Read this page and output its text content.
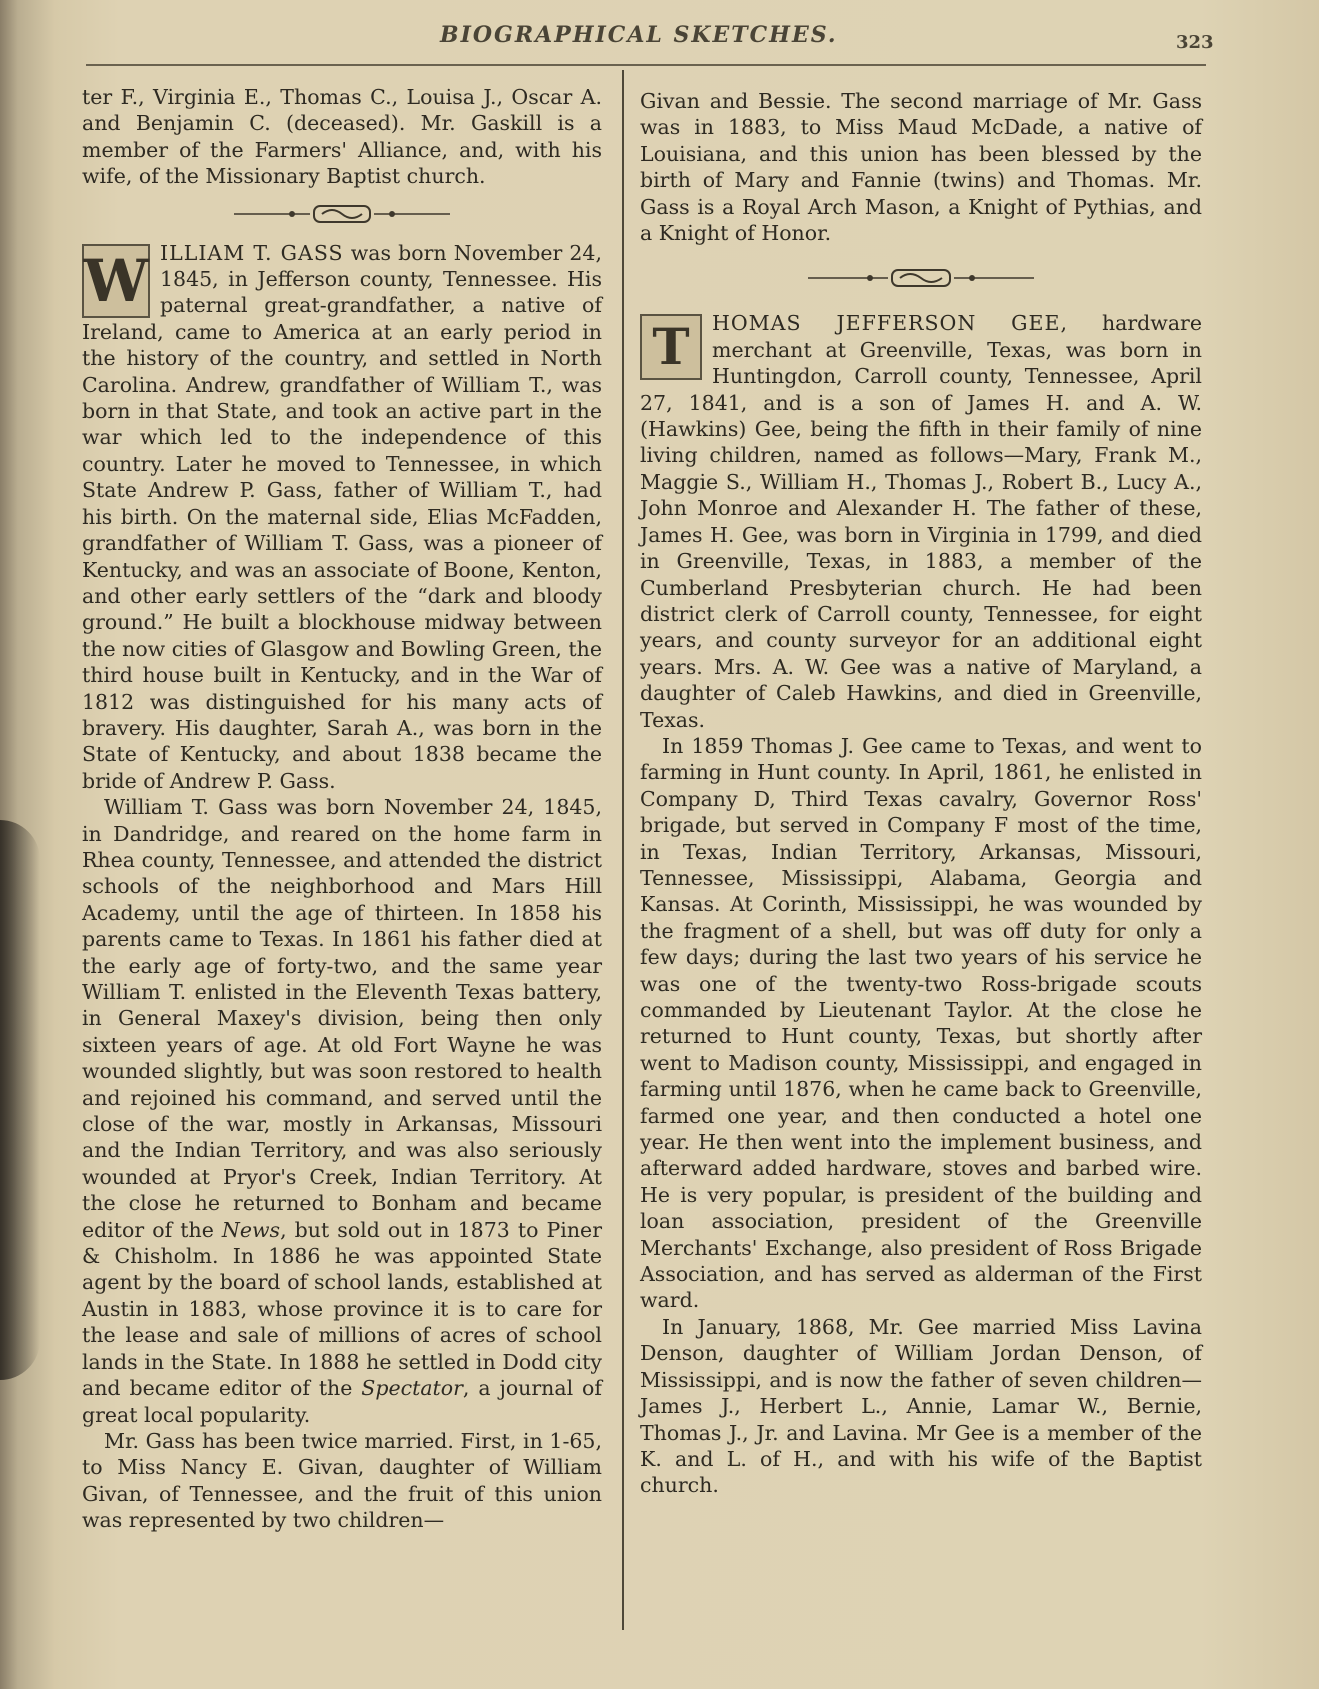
BIOGRAPHICAL SKETCHES.	323

ter F., Virginia E., Thomas C., Louisa J., Oscar A. and Benjamin C. (deceased). Mr. Gaskill is a member of the Farmers' Alliance, and, with his wife, of the Missionary Baptist church.

W ILLIAM T. GASS was born November 24, 1845, in Jefferson county, Tennessee. His paternal great-grandfather, a native of Ireland, came to America at an early period in the history of the country, and settled in North Carolina. Andrew, grandfather of William T., was born in that State, and took an active part in the war which led to the independence of this country. Later he moved to Tennessee, in which State Andrew P. Gass, father of William T., had his birth. On the maternal side, Elias McFadden, grandfather of William T. Gass, was a pioneer of Kentucky, and was an associate of Boone, Kenton, and other early settlers of the “dark and bloody ground.” He built a blockhouse midway between the now cities of Glasgow and Bowling Green, the third house built in Kentucky, and in the War of 1812 was distinguished for his many acts of bravery. His daughter, Sarah A., was born in the State of Kentucky, and about 1838 became the bride of Andrew P. Gass.

William T. Gass was born November 24, 1845, in Dandridge, and reared on the home farm in Rhea county, Tennessee, and attended the district schools of the neighborhood and Mars Hill Academy, until the age of thirteen. In 1858 his parents came to Texas. In 1861 his father died at the early age of forty-two, and the same year William T. enlisted in the Eleventh Texas battery, in General Maxey's division, being then only sixteen years of age. At old Fort Wayne he was wounded slightly, but was soon restored to health and rejoined his command, and served until the close of the war, mostly in Arkansas, Missouri and the Indian Territory, and was also seriously wounded at Pryor's Creek, Indian Territory. At the close he returned to Bonham and became editor of the News, but sold out in 1873 to Piner & Chisholm. In 1886 he was appointed State agent by the board of school lands, established at Austin in 1883, whose province it is to care for the lease and sale of millions of acres of school lands in the State. In 1888 he settled in Dodd city and became editor of the Spectator, a journal of great local popularity.

Mr. Gass has been twice married. First, in 1-65, to Miss Nancy E. Givan, daughter of William Givan, of Tennessee, and the fruit of this union was represented by two children—

Givan and Bessie. The second marriage of Mr. Gass was in 1883, to Miss Maud McDade, a native of Louisiana, and this union has been blessed by the birth of Mary and Fannie (twins) and Thomas. Mr. Gass is a Royal Arch Mason, a Knight of Pythias, and a Knight of Honor.

T	HOMAS JEFFERSON GEE, hardware merchant at Greenville, Texas, was born in Huntingdon, Carroll county, Tennessee, April 27, 1841, and is a son of James H. and A. W. (Hawkins) Gee, being the fifth in their family of nine living children, named as follows—Mary, Frank M., Maggie S., William H., Thomas J., Robert B., Lucy A., John Monroe and Alexander H. The father of these, James H. Gee, was born in Virginia in 1799, and died in Greenville, Texas, in 1883, a member of the Cumberland Presbyterian church. He had been district clerk of Carroll county, Tennessee, for eight years, and county surveyor for an additional eight years. Mrs. A. W. Gee was a native of Maryland, a daughter of Caleb Hawkins, and died in Greenville, Texas.

In 1859 Thomas J. Gee came to Texas, and went to farming in Hunt county. In April, 1861, he enlisted in Company D, Third Texas cavalry, Governor Ross' brigade, but served in Company F most of the time, in Texas, Indian Territory, Arkansas, Missouri, Tennessee, Mississippi, Alabama, Georgia and Kansas. At Corinth, Mississippi, he was wounded by the fragment of a shell, but was off duty for only a few days; during the last two years of his service he was one of the twenty-two Ross-brigade scouts commanded by Lieutenant Taylor. At the close he returned to Hunt county, Texas, but shortly after went to Madison county, Mississippi, and engaged in farming until 1876, when he came back to Greenville, farmed one year, and then conducted a hotel one year. He then went into the implement business, and afterward added hardware, stoves and barbed wire. He is very popular, is president of the building and loan association, president of the Greenville Merchants' Exchange, also president of Ross Brigade Association, and has served as alderman of the First ward.

In January, 1868, Mr. Gee married Miss Lavina Denson, daughter of William Jordan Denson, of Mississippi, and is now the father of seven children—James J., Herbert L., Annie, Lamar W., Bernie, Thomas J., Jr. and Lavina. Mr Gee is a member of the K. and L. of H., and with his wife of the Baptist church.
